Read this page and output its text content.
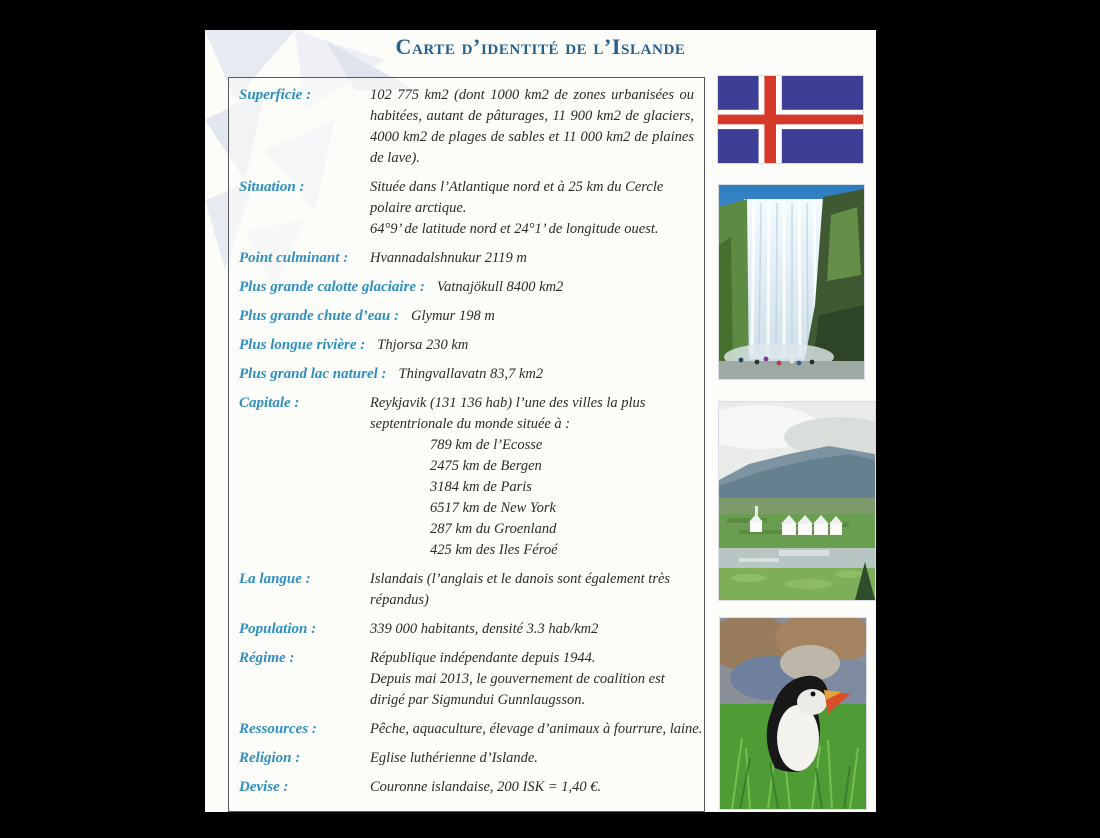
Carte d’identité de l’Islande
Superficie :	102 775 km2 (dont 1000 km2 de zones urbanisées ou habitées, autant de pâturages, 11 900 km2 de glaciers, 4000 km2 de plages de sables et 11 000 km2 de plaines de lave).
Situation :	Située dans l’Atlantique nord et à 25 km du Cercle polaire arctique.
64°9’ de latitude nord et 24°1’ de longitude ouest.
Point culminant :	Hvannadalshnukur 2119 m
Plus grande calotte glaciaire : Vatnajökull 8400 km2
Plus grande chute d’eau : Glymur 198 m
Plus longue rivière : Thjorsa 230 km
Plus grand lac naturel : Thingvallavatn 83,7 km2
Capitale :	Reykjavik (131 136 hab) l’une des villes la plus septentrionale du monde située à :
789 km de l’Ecosse
2475 km de Bergen
3184 km de Paris
6517 km de New York
287 km du Groenland
425 km des Iles Féroé
La langue :	Islandais (l’anglais et le danois sont également très répandus)
Population :	339 000 habitants, densité 3.3 hab/km2
Régime :	République indépendante depuis 1944.
Depuis mai 2013, le gouvernement de coalition est dirigé par Sigmundui Gunnlaugsson.
Ressources :	Pêche, aquaculture, élevage d’animaux à fourrure, laine.
Religion :	Eglise luthérienne d’Islande.
Devise :	Couronne islandaise, 200 ISK = 1,40 €.
